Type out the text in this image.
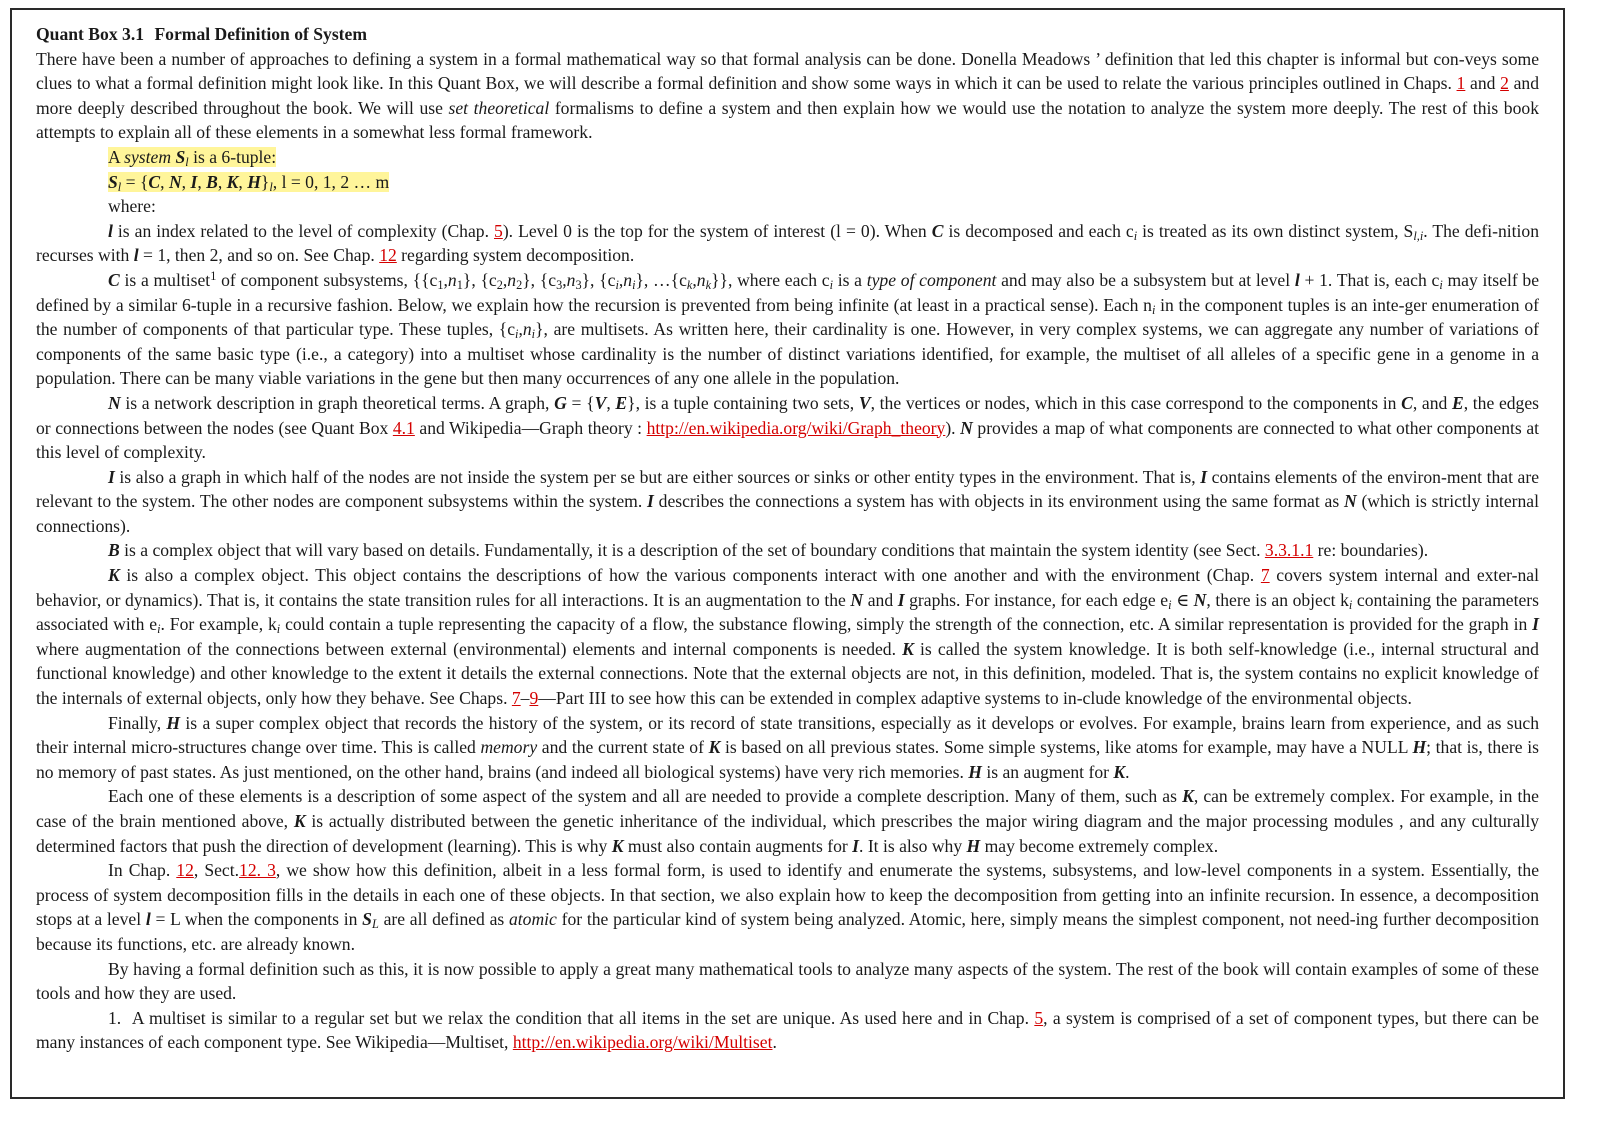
Quant Box 3.1 Formal Definition of System

There have been a number of approaches to defining a system in a formal mathematical way so that formal analysis can be done. Donella Meadows ’ definition that led this chapter is informal but con-veys some clues to what a formal definition might look like. In this Quant Box, we will describe a formal definition and show some ways in which it can be used to relate the various principles outlined in Chaps. 1 and 2 and more deeply described throughout the book. We will use set theoretical formalisms to define a system and then explain how we would use the notation to analyze the system more deeply. The rest of this book attempts to explain all of these elements in a somewhat less formal framework.

A system $S_l$ is a 6-tuple:

$S_l = \{C$, N, I, B, K, $H\}_l$, l = 0, 1, 2 … m

where:

l is an index related to the level of complexity (Chap. 5). Level 0 is the top for the system of interest (l = 0). When C is decomposed and each $c_i$ is treated as its own distinct system, $S_{l,i}$. The defi-nition recurses with l = 1, then 2, and so on. See Chap. 12 regarding system decomposition.

C is a multiset$^1$ of component subsystems, {$\{c_1,n_1\}$, $\{c_2,n_2\}$, $\{c_3,n_3\}$, $\{c_i,n_i\}$, $\dots\{c_k,n_k\}$}, where each $c_i$ is a type of component and may also be a subsystem but at level l + 1. That is, each $c_i$ may itself be defined by a similar 6-tuple in a recursive fashion. Below, we explain how the recursion is prevented from being infinite (at least in a practical sense). Each $n_i$ in the component tuples is an inte-ger enumeration of the number of components of that particular type. These tuples, $\{c_i,n_i\}$, are multisets. As written here, their cardinality is one. However, in very complex systems, we can aggregate any number of variations of components of the same basic type (i.e., a category) into a multiset whose cardinality is the number of distinct variations identified, for example, the multiset of all alleles of a specific gene in a genome in a population. There can be many viable variations in the gene but then many occurrences of any one allele in the population.

N is a network description in graph theoretical terms. A graph, G = {V, E}, is a tuple containing two sets, V, the vertices or nodes, which in this case correspond to the components in C, and E, the edges or connections between the nodes (see Quant Box 4.1 and Wikipedia—Graph theory : http://en.wikipedia.org/wiki/Graph_theory). N provides a map of what components are connected to what other components at this level of complexity.

I is also a graph in which half of the nodes are not inside the system per se but are either sources or sinks or other entity types in the environment. That is, I contains elements of the environ-ment that are relevant to the system. The other nodes are component subsystems within the system. I describes the connections a system has with objects in its environment using the same format as N (which is strictly internal connections).

B is a complex object that will vary based on details. Fundamentally, it is a description of the set of boundary conditions that maintain the system identity (see Sect. 3.3.1.1 re: boundaries).

K is also a complex object. This object contains the descriptions of how the various components interact with one another and with the environment (Chap. 7 covers system internal and exter-nal behavior, or dynamics). That is, it contains the state transition rules for all interactions. It is an augmentation to the N and I graphs. For instance, for each edge $e_i$ ∈ N, there is an object $k_i$ containing the parameters associated with $e_i$. For example, $k_i$ could contain a tuple representing the capacity of a flow, the substance flowing, simply the strength of the connection, etc. A similar representation is provided for the graph in I where augmentation of the connections between external (environmental) elements and internal components is needed. K is called the system knowledge. It is both self-knowledge (i.e., internal structural and functional knowledge) and other knowledge to the extent it details the external connections. Note that the external objects are not, in this definition, modeled. That is, the system contains no explicit knowledge of the internals of external objects, only how they behave. See Chaps. 7–9—Part III to see how this can be extended in complex adaptive systems to in-clude knowledge of the environmental objects.

Finally, H is a super complex object that records the history of the system, or its record of state transitions, especially as it develops or evolves. For example, brains learn from experience, and as such their internal micro-structures change over time. This is called memory and the current state of K is based on all previous states. Some simple systems, like atoms for example, may have a NULL H; that is, there is no memory of past states. As just mentioned, on the other hand, brains (and indeed all biological systems) have very rich memories. H is an augment for K.

Each one of these elements is a description of some aspect of the system and all are needed to provide a complete description. Many of them, such as K, can be extremely complex. For example, in the case of the brain mentioned above, K is actually distributed between the genetic inheritance of the individual, which prescribes the major wiring diagram and the major processing modules , and any culturally determined factors that push the direction of development (learning). This is why K must also contain augments for I. It is also why H may become extremely complex.

In Chap. 12, Sect.12. 3, we show how this definition, albeit in a less formal form, is used to identify and enumerate the systems, subsystems, and low-level components in a system. Essentially, the process of system decomposition fills in the details in each one of these objects. In that section, we also explain how to keep the decomposition from getting into an infinite recursion. In essence, a decomposition stops at a level l = L when the components in $S_L$ are all defined as atomic for the particular kind of system being analyzed. Atomic, here, simply means the simplest component, not need-ing further decomposition because its functions, etc. are already known.

By having a formal definition such as this, it is now possible to apply a great many mathematical tools to analyze many aspects of the system. The rest of the book will contain examples of some of these tools and how they are used.

1. A multiset is similar to a regular set but we relax the condition that all items in the set are unique. As used here and in Chap. 5, a system is comprised of a set of component types, but there can be many instances of each component type. See Wikipedia—Multiset, http://en.wikipedia.org/wiki/Multiset.
